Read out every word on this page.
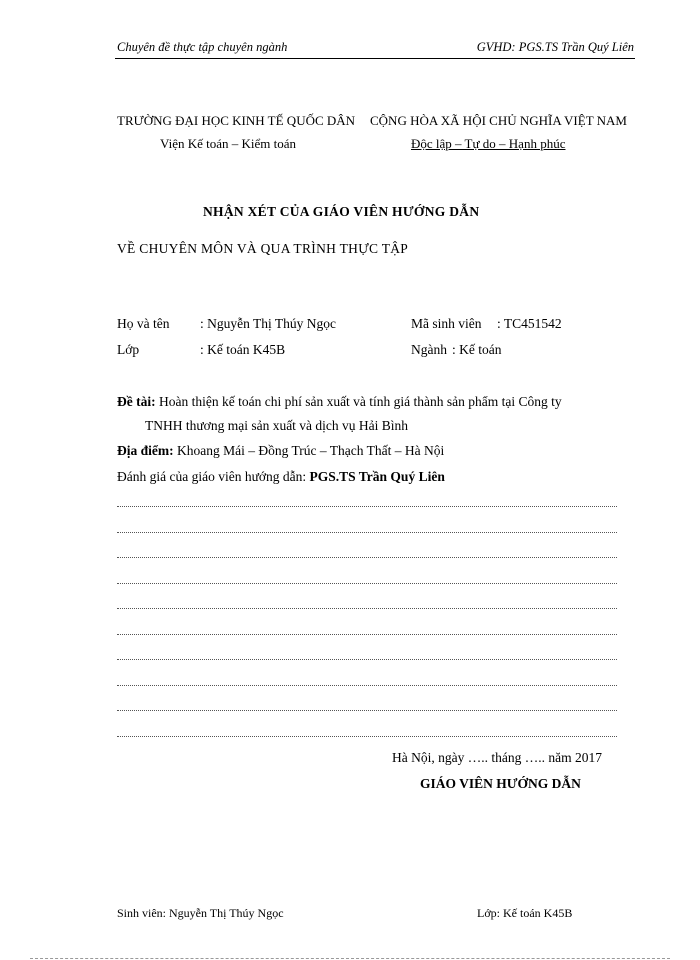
Chuyên đề thực tập chuyên ngành	GVHD: PGS.TS Trần Quý Liên
TRƯỜNG ĐẠI HỌC KINH TẾ QUỐC DÂN
Viện Kế toán – Kiểm toán
CỘNG HÒA XÃ HỘI CHỦ NGHĨA VIỆT NAM
Độc lập – Tự do – Hạnh phúc
NHẬN XÉT CỦA GIÁO VIÊN HƯỚNG DẪN
VỀ CHUYÊN MÔN VÀ QUA TRÌNH THỰC TẬP
Họ và tên : Nguyễn Thị Thúy Ngọc	Mã sinh viên : TC451542
Lớp	: Kế toán K45B	Ngành : Kế toán
Đề tài: Hoàn thiện kế toán chi phí sản xuất và tính giá thành sản phẩm tại Công ty
TNHH thương mại sản xuất và dịch vụ Hải Bình
Địa điểm: Khoang Mái – Đồng Trúc – Thạch Thất – Hà Nội
Đánh giá của giáo viên hướng dẫn: PGS.TS Trần Quý Liên
Hà Nội, ngày ….. tháng ….. năm 2017
GIÁO VIÊN HƯỚNG DẪN
Sinh viên: Nguyễn Thị Thúy Ngọc	Lớp: Kế toán K45B
